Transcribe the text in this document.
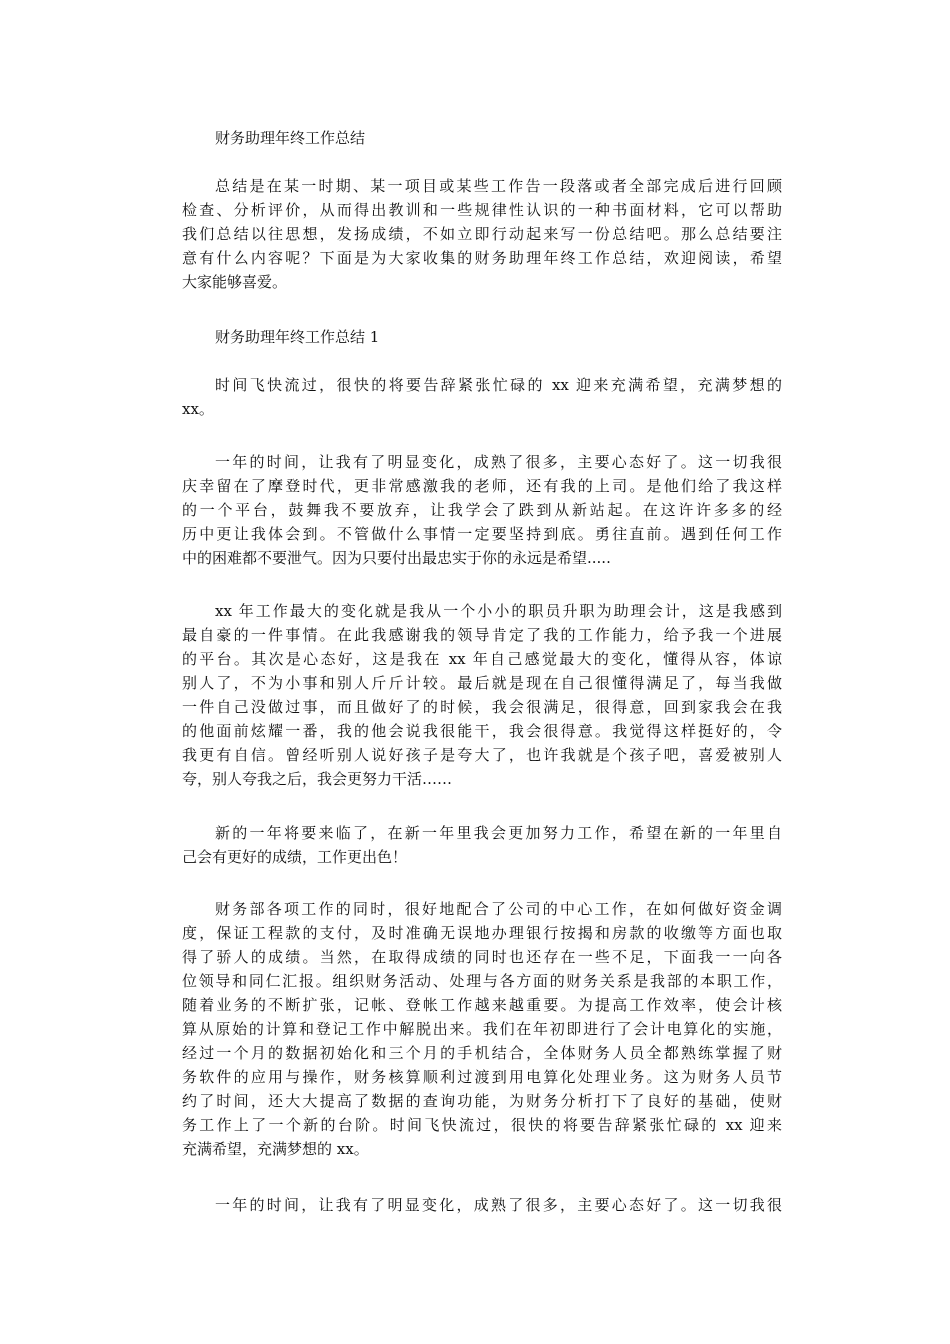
财务助理年终工作总结
总结是在某一时期、某一项目或某些工作告一段落或者全部完成后进行回顾
检查、分析评价，从而得出教训和一些规律性认识的一种书面材料，它可以帮助
我们总结以往思想，发扬成绩，不如立即行动起来写一份总结吧。那么总结要注
意有什么内容呢？下面是为大家收集的财务助理年终工作总结，欢迎阅读，希望
大家能够喜爱。
财务助理年终工作总结 1
时间飞快流过，很快的将要告辞紧张忙碌的 xx 迎来充满希望，充满梦想的
xx。
一年的时间，让我有了明显变化，成熟了很多，主要心态好了。这一切我很
庆幸留在了摩登时代，更非常感激我的老师，还有我的上司。是他们给了我这样
的一个平台，鼓舞我不要放弃，让我学会了跌到从新站起。在这许许多多的经
历中更让我体会到。不管做什么事情一定要坚持到底。勇往直前。遇到任何工作
中的困难都不要泄气。因为只要付出最忠实于你的永远是希望.....
xx 年工作最大的变化就是我从一个小小的职员升职为助理会计，这是我感到
最自豪的一件事情。在此我感谢我的领导肯定了我的工作能力，给予我一个进展
的平台。其次是心态好，这是我在 xx 年自己感觉最大的变化，懂得从容，体谅
别人了，不为小事和别人斤斤计较。最后就是现在自己很懂得满足了，每当我做
一件自己没做过事，而且做好了的时候，我会很满足，很得意，回到家我会在我
的他面前炫耀一番，我的他会说我很能干，我会很得意。我觉得这样挺好的，令
我更有自信。曾经听别人说好孩子是夸大了，也许我就是个孩子吧，喜爱被别人
夸，别人夸我之后，我会更努力干活……
新的一年将要来临了，在新一年里我会更加努力工作，希望在新的一年里自
己会有更好的成绩，工作更出色！
财务部各项工作的同时，很好地配合了公司的中心工作，在如何做好资金调
度，保证工程款的支付，及时准确无误地办理银行按揭和房款的收缴等方面也取
得了骄人的成绩。当然，在取得成绩的同时也还存在一些不足，下面我一一向各
位领导和同仁汇报。组织财务活动、处理与各方面的财务关系是我部的本职工作，
随着业务的不断扩张，记帐、登帐工作越来越重要。为提高工作效率，使会计核
算从原始的计算和登记工作中解脱出来。我们在年初即进行了会计电算化的实施，
经过一个月的数据初始化和三个月的手机结合，全体财务人员全都熟练掌握了财
务软件的应用与操作，财务核算顺利过渡到用电算化处理业务。这为财务人员节
约了时间，还大大提高了数据的查询功能，为财务分析打下了良好的基础，使财
务工作上了一个新的台阶。时间飞快流过，很快的将要告辞紧张忙碌的 xx 迎来
充满希望，充满梦想的 xx。
一年的时间，让我有了明显变化，成熟了很多，主要心态好了。这一切我很
